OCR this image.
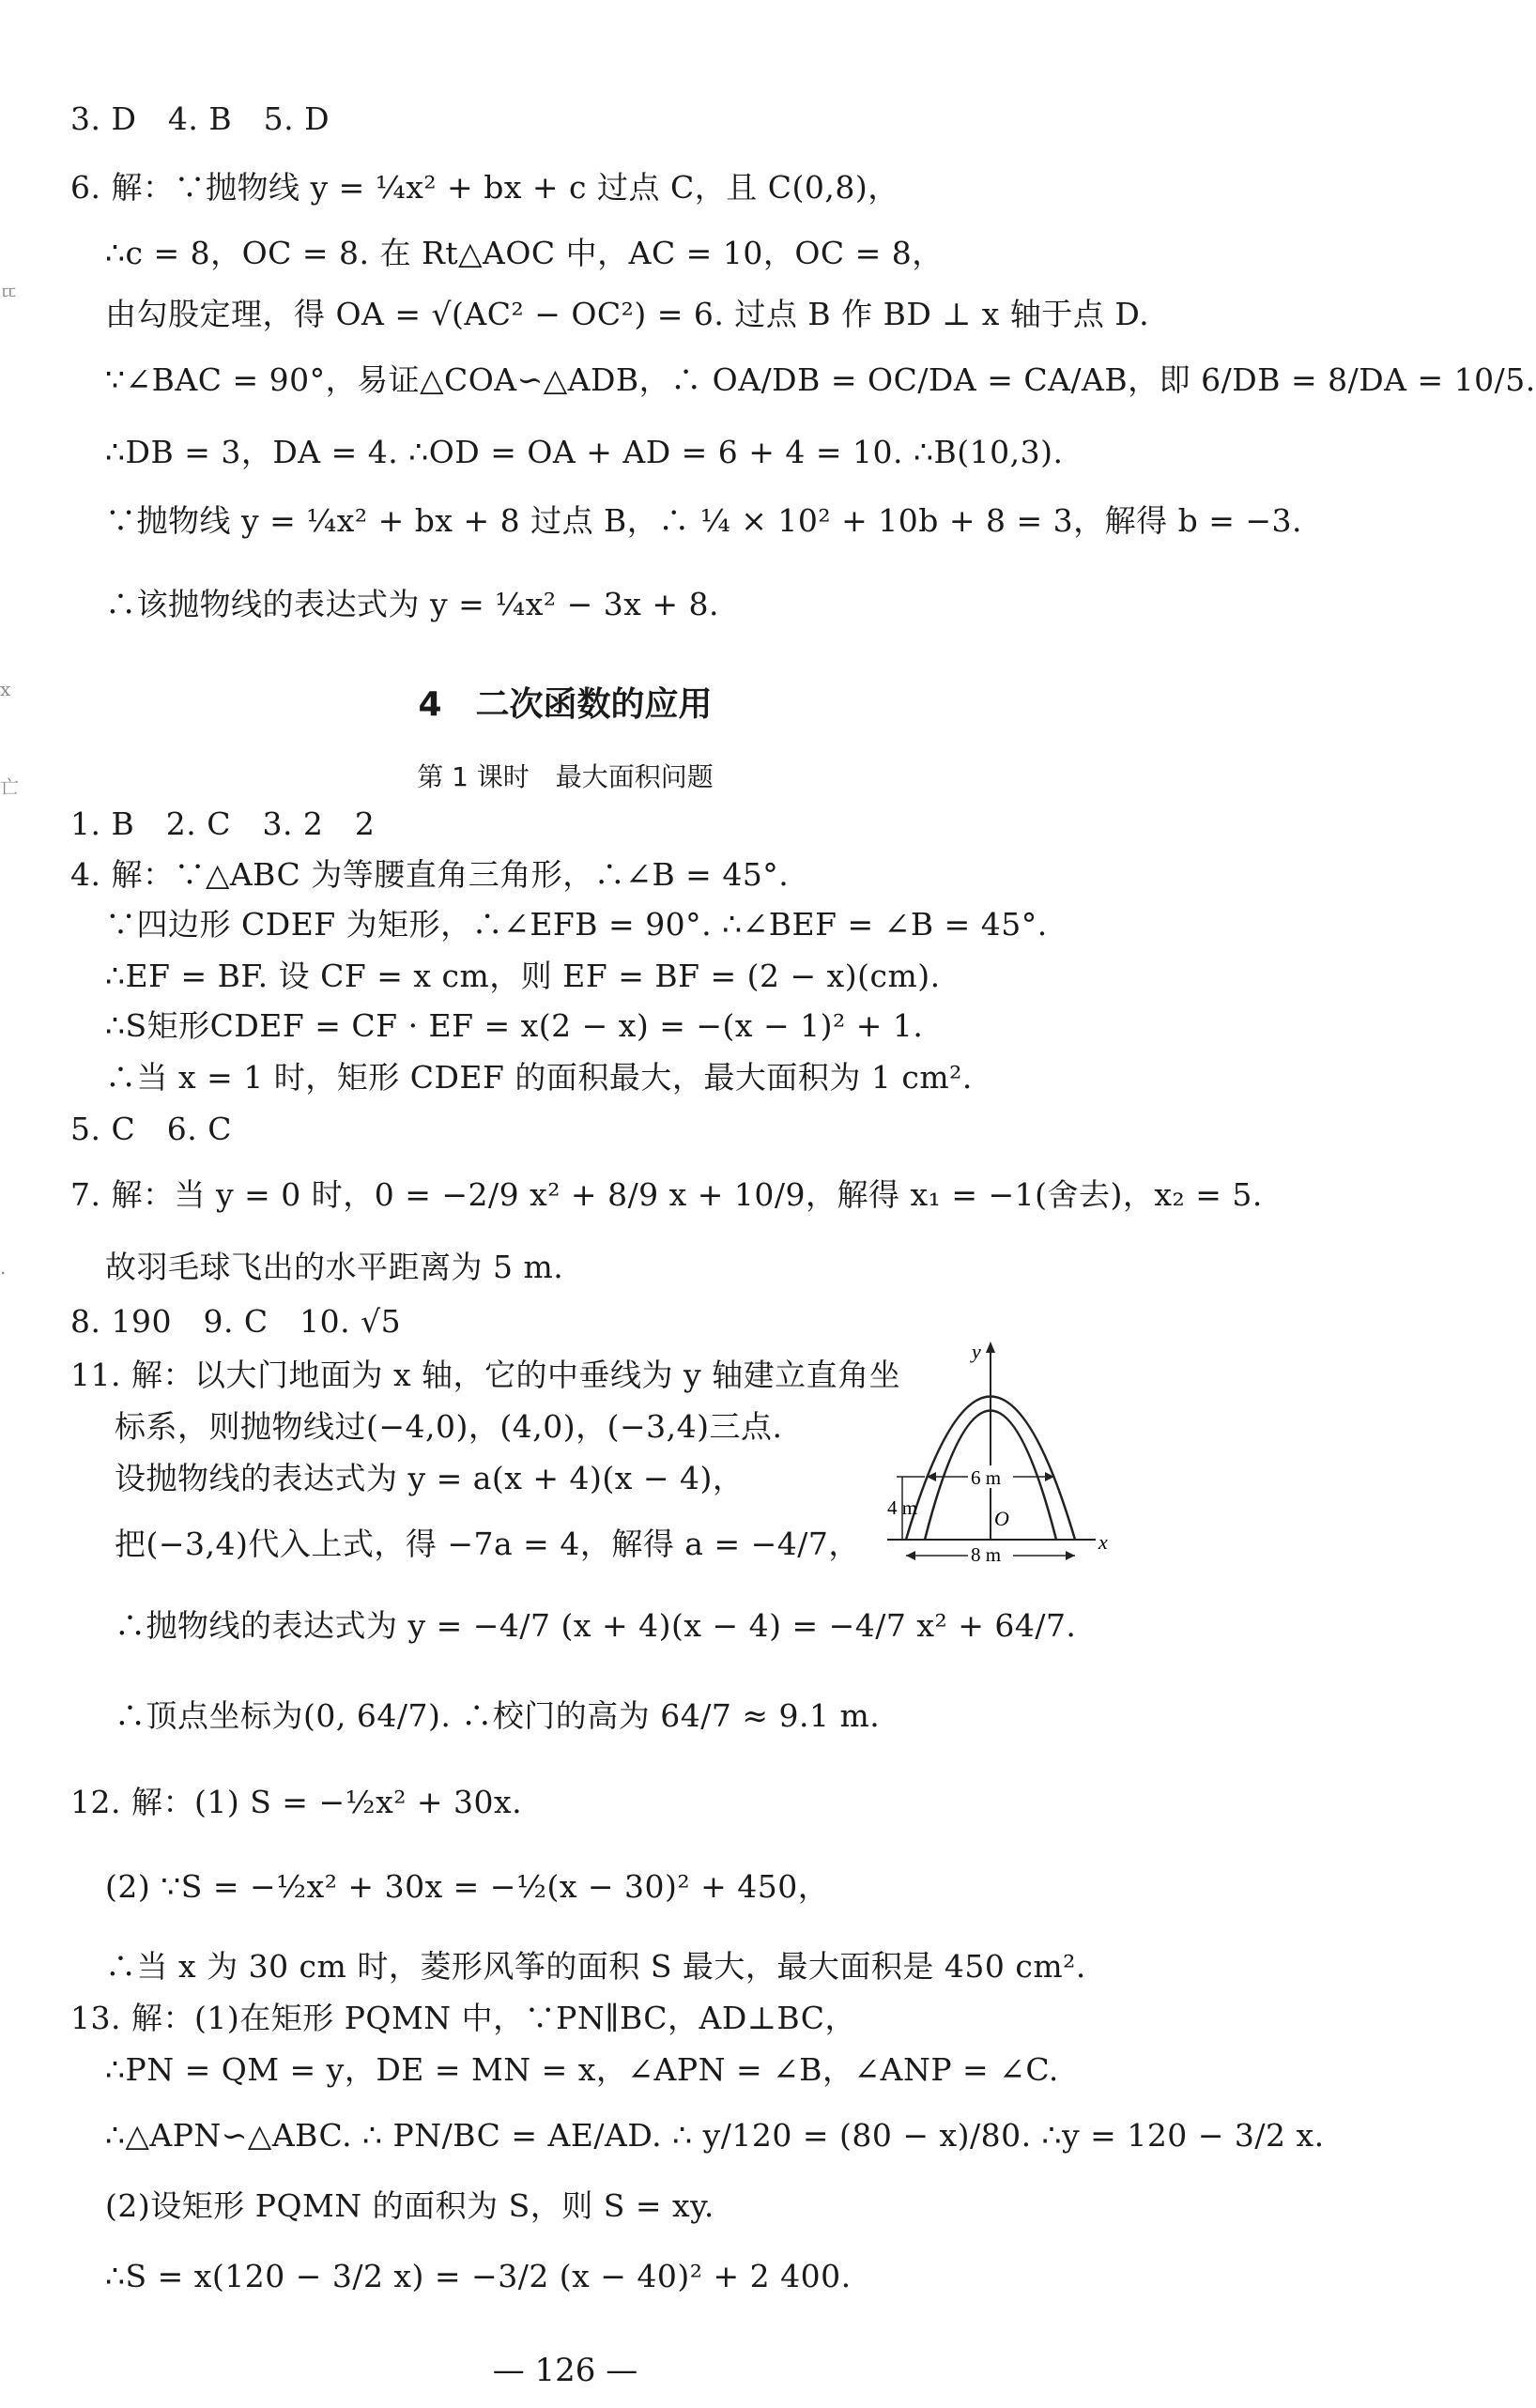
ㄸ
x
亡
.
3. D　4. B　5. D
6. 解：∵抛物线 y = ¼x² + bx + c 过点 C，且 C(0,8)，
∴c = 8，OC = 8. 在 Rt△AOC 中，AC = 10，OC = 8，
由勾股定理，得 OA = √(AC² − OC²) = 6. 过点 B 作 BD ⊥ x 轴于点 D.
∵∠BAC = 90°，易证△COA∽△ADB，∴ OA/DB = OC/DA = CA/AB，即 6/DB = 8/DA = 10/5.
∴DB = 3，DA = 4. ∴OD = OA + AD = 6 + 4 = 10. ∴B(10,3).
∵抛物线 y = ¼x² + bx + 8 过点 B，∴ ¼ × 10² + 10b + 8 = 3，解得 b = −3.
∴该抛物线的表达式为 y = ¼x² − 3x + 8.
4　二次函数的应用
第 1 课时　最大面积问题
1. B　2. C　3. 2　2
4. 解：∵△ABC 为等腰直角三角形，∴∠B = 45°.
∵四边形 CDEF 为矩形，∴∠EFB = 90°. ∴∠BEF = ∠B = 45°.
∴EF = BF. 设 CF = x cm，则 EF = BF = (2 − x)(cm).
∴S矩形CDEF = CF · EF = x(2 − x) = −(x − 1)² + 1.
∴当 x = 1 时，矩形 CDEF 的面积最大，最大面积为 1 cm².
5. C　6. C
7. 解：当 y = 0 时，0 = −2/9 x² + 8/9 x + 10/9，解得 x₁ = −1(舍去)，x₂ = 5.
故羽毛球飞出的水平距离为 5 m.
8. 190　9. C　10. √5
11. 解：以大门地面为 x 轴，它的中垂线为 y 轴建立直角坐
标系，则抛物线过(−4,0)，(4,0)，(−3,4)三点.
设抛物线的表达式为 y = a(x + 4)(x − 4)，
把(−3,4)代入上式，得 −7a = 4，解得 a = −4/7，
∴抛物线的表达式为 y = −4/7 (x + 4)(x − 4) = −4/7 x² + 64/7.
∴顶点坐标为(0, 64/7). ∴校门的高为 64/7 ≈ 9.1 m.
y
x
O
4 m
6 m
8 m
12. 解：(1) S = −½x² + 30x.
(2) ∵S = −½x² + 30x = −½(x − 30)² + 450，
∴当 x 为 30 cm 时，菱形风筝的面积 S 最大，最大面积是 450 cm².
13. 解：(1)在矩形 PQMN 中，∵PN∥BC，AD⊥BC，
∴PN = QM = y，DE = MN = x，∠APN = ∠B，∠ANP = ∠C.
∴△APN∽△ABC. ∴ PN/BC = AE/AD. ∴ y/120 = (80 − x)/80. ∴y = 120 − 3/2 x.
(2)设矩形 PQMN 的面积为 S，则 S = xy.
∴S = x(120 − 3/2 x) = −3/2 (x − 40)² + 2 400.
— 126 —
